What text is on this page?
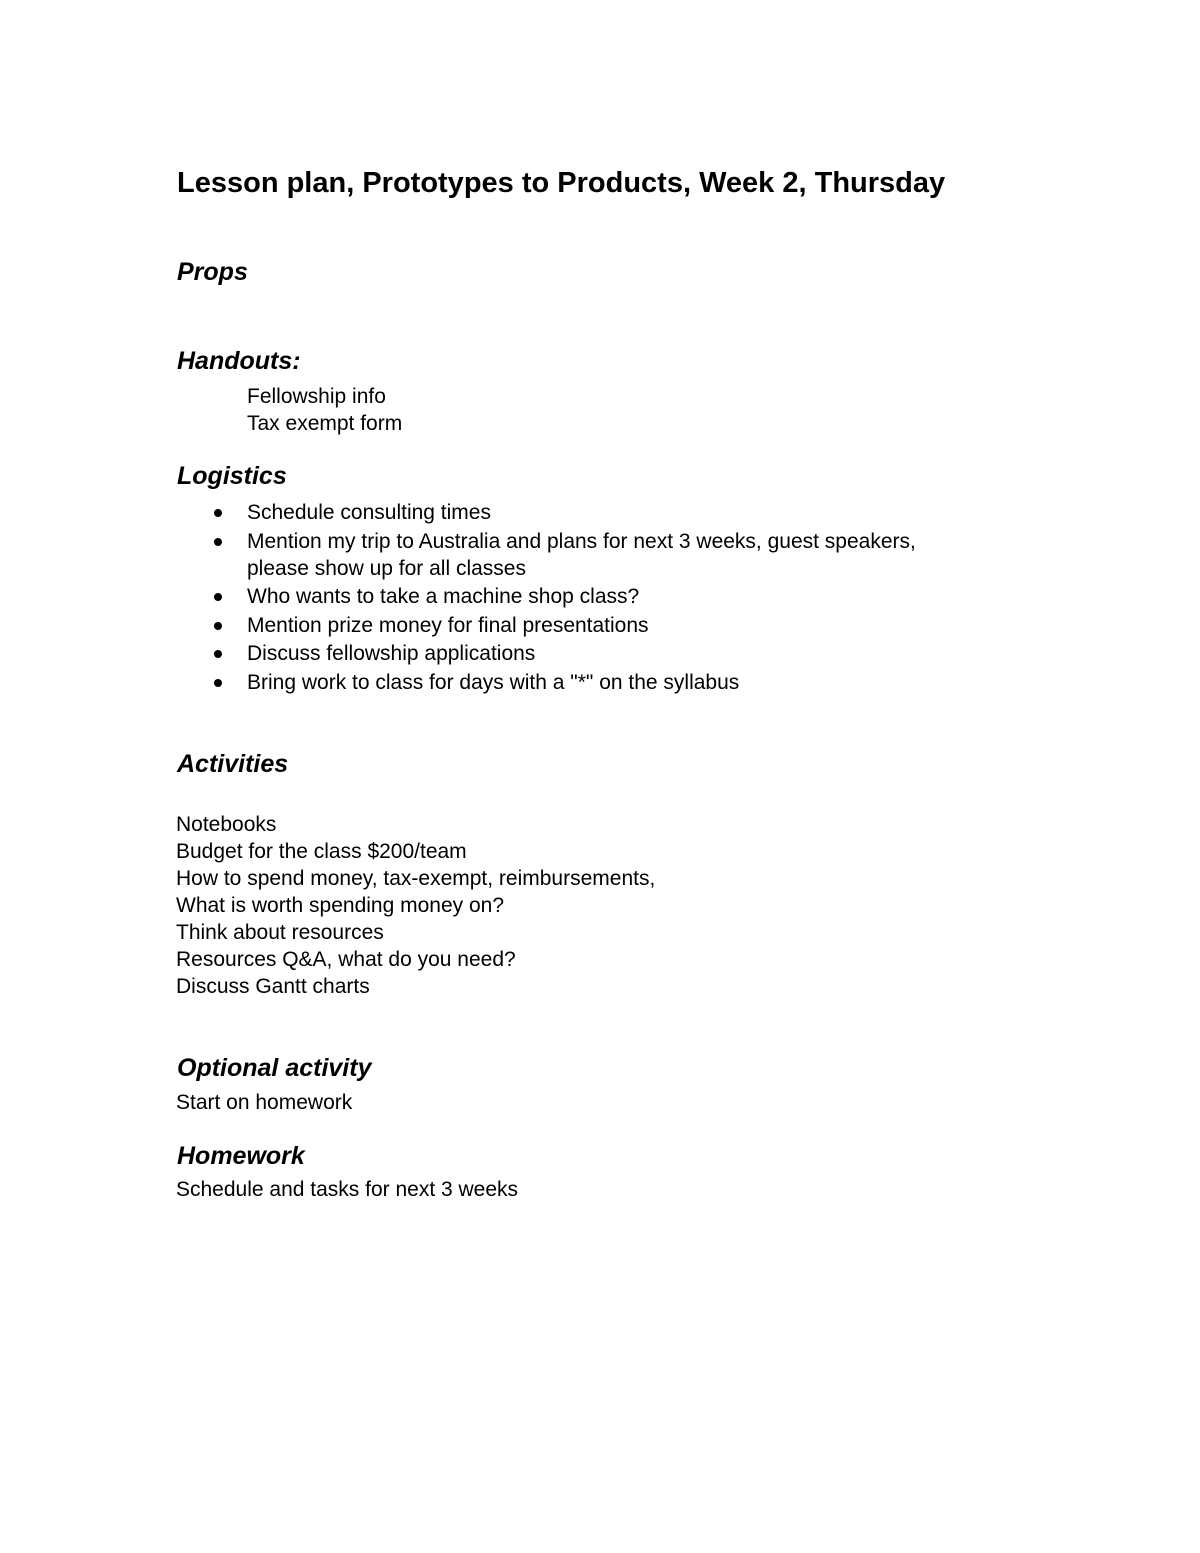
Lesson plan, Prototypes to Products, Week 2, Thursday
Props
Handouts:
Fellowship info
Tax exempt form
Logistics
Schedule consulting times
Mention my trip to Australia and plans for next 3 weeks, guest speakers,
please show up for all classes
Who wants to take a machine shop class?
Mention prize money for final presentations
Discuss fellowship applications
Bring work to class for days with a "*" on the syllabus
Activities
Notebooks
Budget for the class $200/team
How to spend money, tax-exempt, reimbursements,
What is worth spending money on?
Think about resources
Resources Q&A, what do you need?
Discuss Gantt charts
Optional activity
Start on homework
Homework
Schedule and tasks for next 3 weeks
